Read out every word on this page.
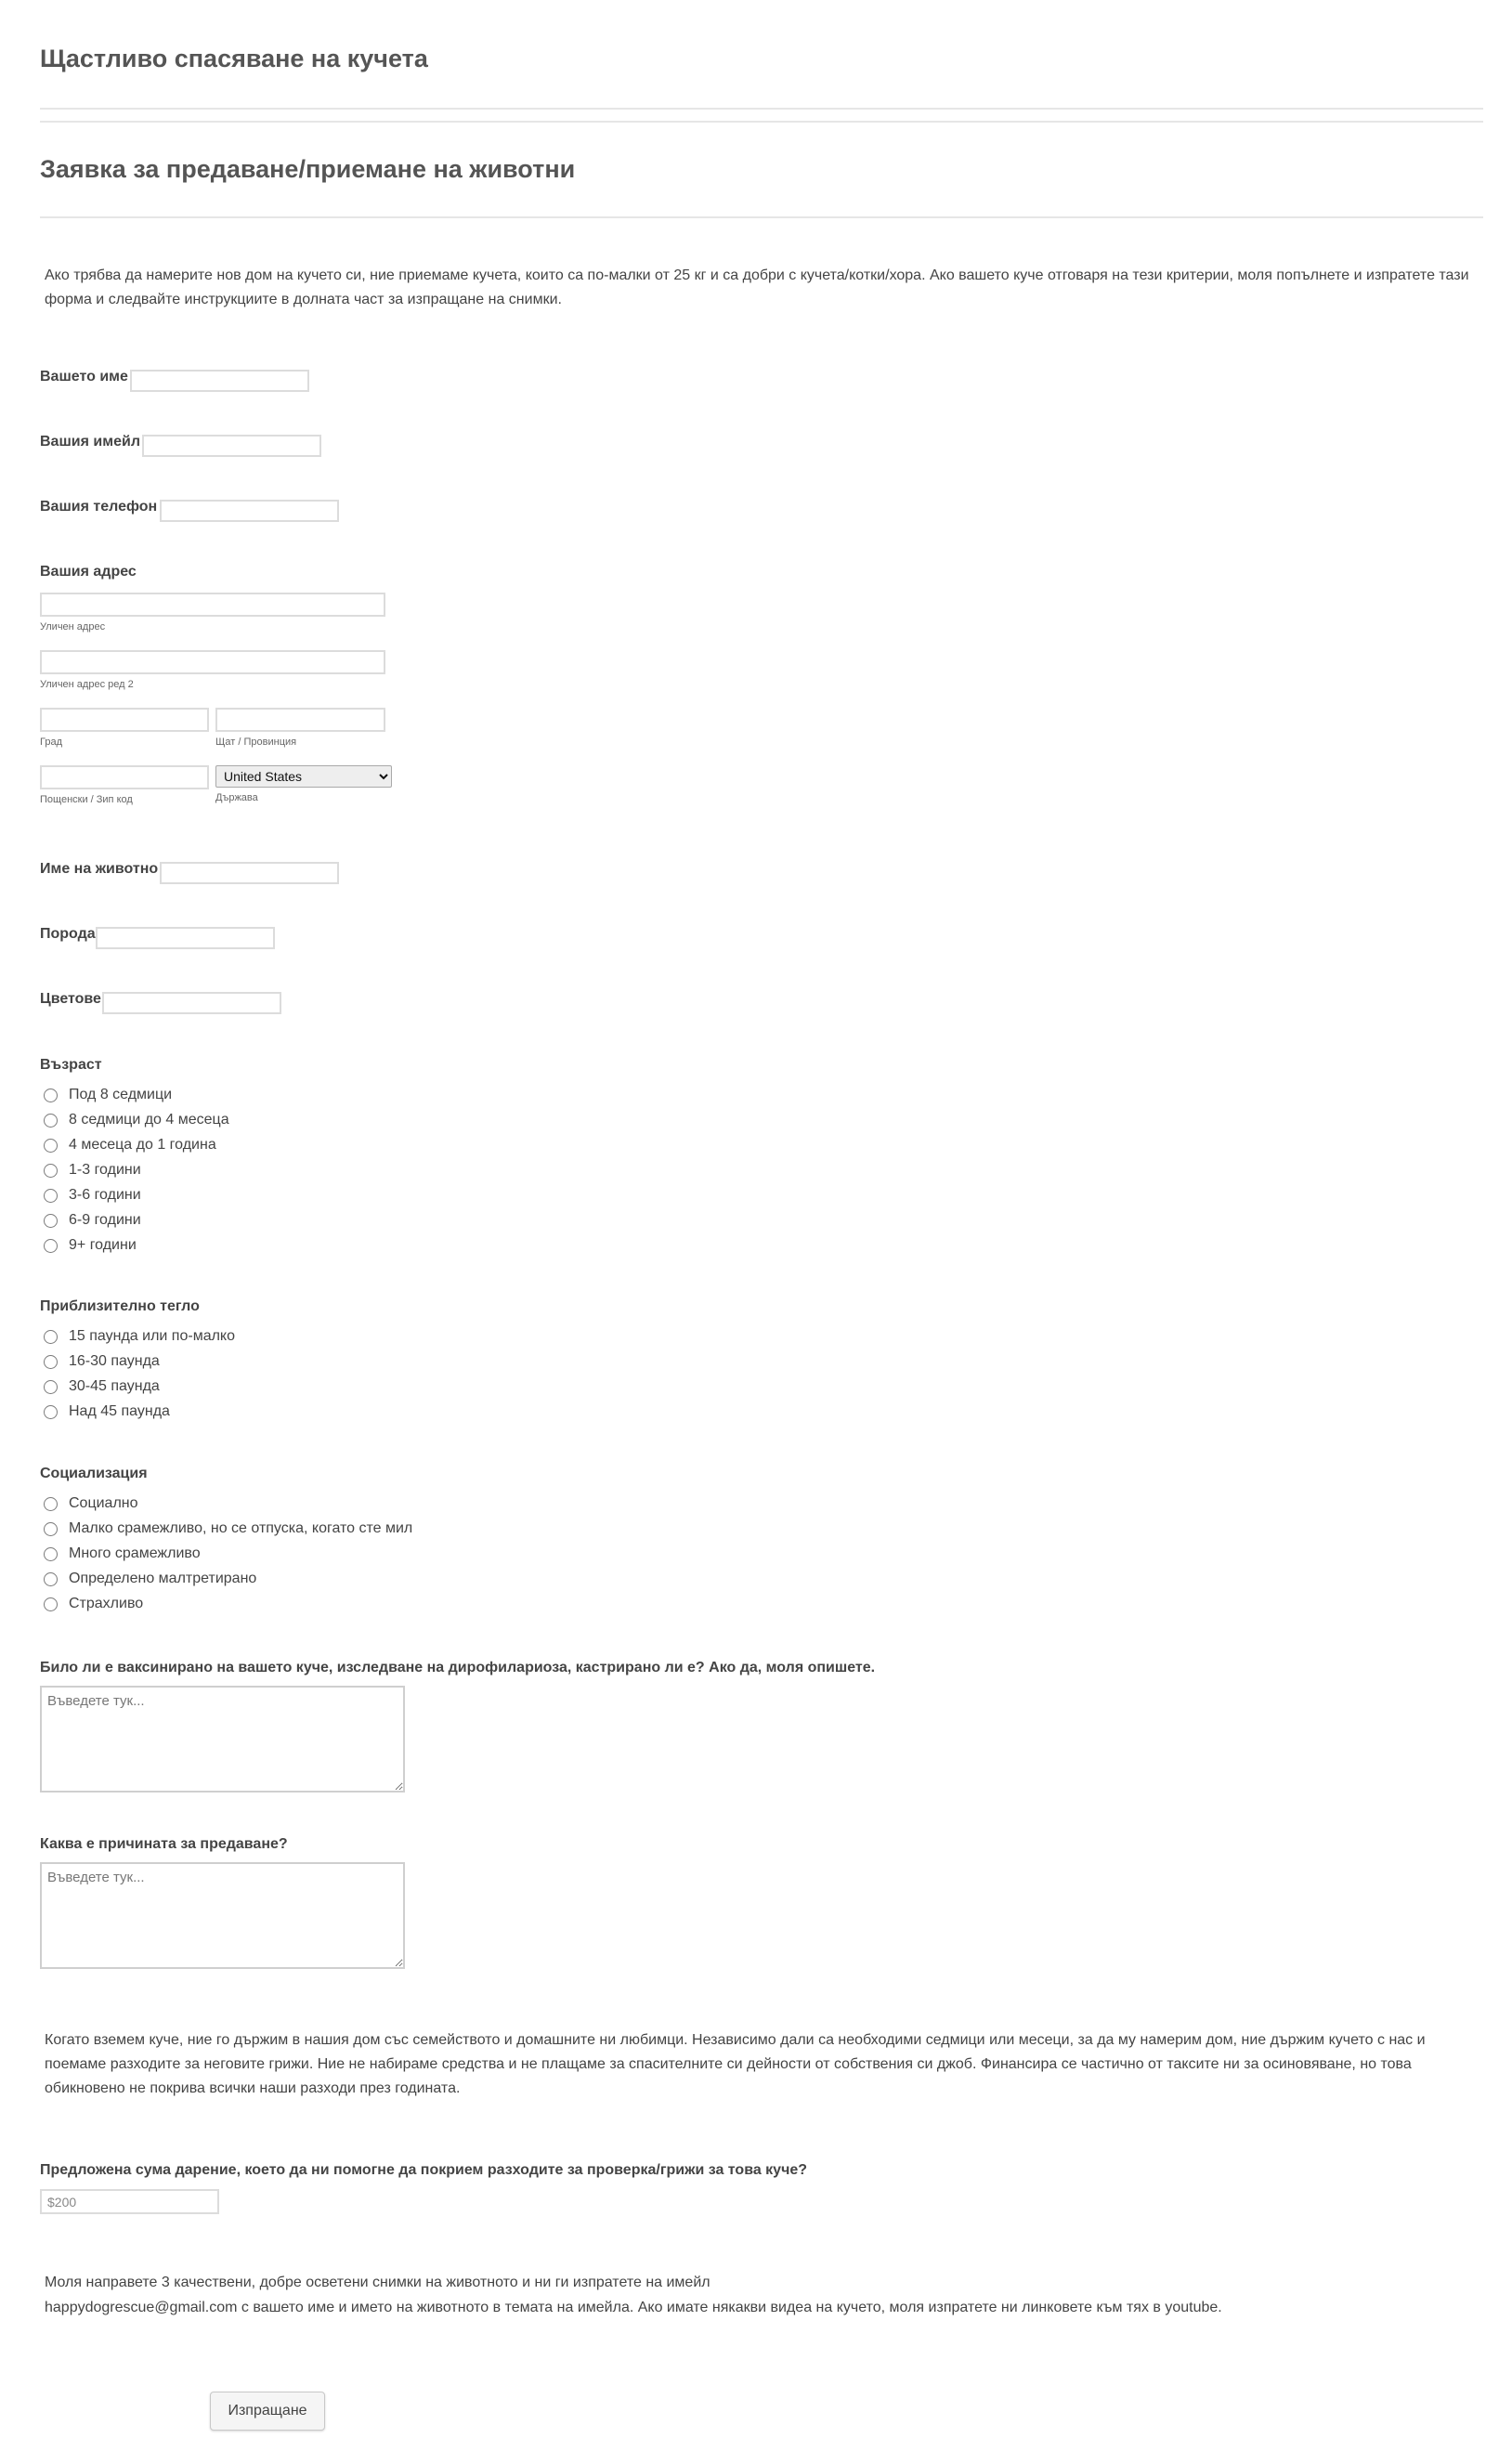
Щастливо спасяване на кучета
Заявка за предаване/приемане на животни
Ако трябва да намерите нов дом на кучето си, ние приемаме кучета, които са по-малки от 25 кг и са добри с кучета/котки/хора. Ако вашето куче отговаря на тези критерии, моля попълнете и изпратете тази форма и следвайте инструкциите в долната част за изпращане на снимки.
Вашето име
Вашия имейл
Вашия телефон
Вашия адрес
Уличен адрес
Уличен адрес ред 2
Град	Щат / Провинция
Пощенски / Зип код
United States	Държава
Име на животно
Порода
Цветове
Възраст
Под 8 седмици
8 седмици до 4 месеца
4 месеца до 1 година
1-3 години
3-6 години
6-9 години
9+ години
Приблизително тегло
15 паунда или по-малко
16-30 паунда
30-45 паунда
Над 45 паунда
Социализация
Социално
Малко срамежливо, но се отпуска, когато сте мил
Много срамежливо
Определено малтретирано
Страхливо
Било ли е ваксинирано на вашето куче, изследване на дирофилариоза, кастрирано ли е? Ако да, моля опишете.
Въведете тук...
Каква е причината за предаване?
Въведете тук...
Когато вземем куче, ние го държим в нашия дом със семейството и домашните ни любимци. Независимо дали са необходими седмици или месеци, за да му намерим дом, ние държим кучето с нас и поемаме разходите за неговите грижи. Ние не набираме средства и не плащаме за спасителните си дейности от собствения си джоб. Финансира се частично от таксите ни за осиновяване, но това обикновено не покрива всички наши разходи през годината.
Предложена сума дарение, което да ни помогне да покрием разходите за проверка/грижи за това куче?
$200
Моля направете 3 качествени, добре осветени снимки на животното и ни ги изпратете на имейл
happydogrescue@gmail.com с вашето име и името на животното в темата на имейла. Ако имате някакви видеа на кучето, моля изпратете ни линковете към тях в youtube.
Изпращане
